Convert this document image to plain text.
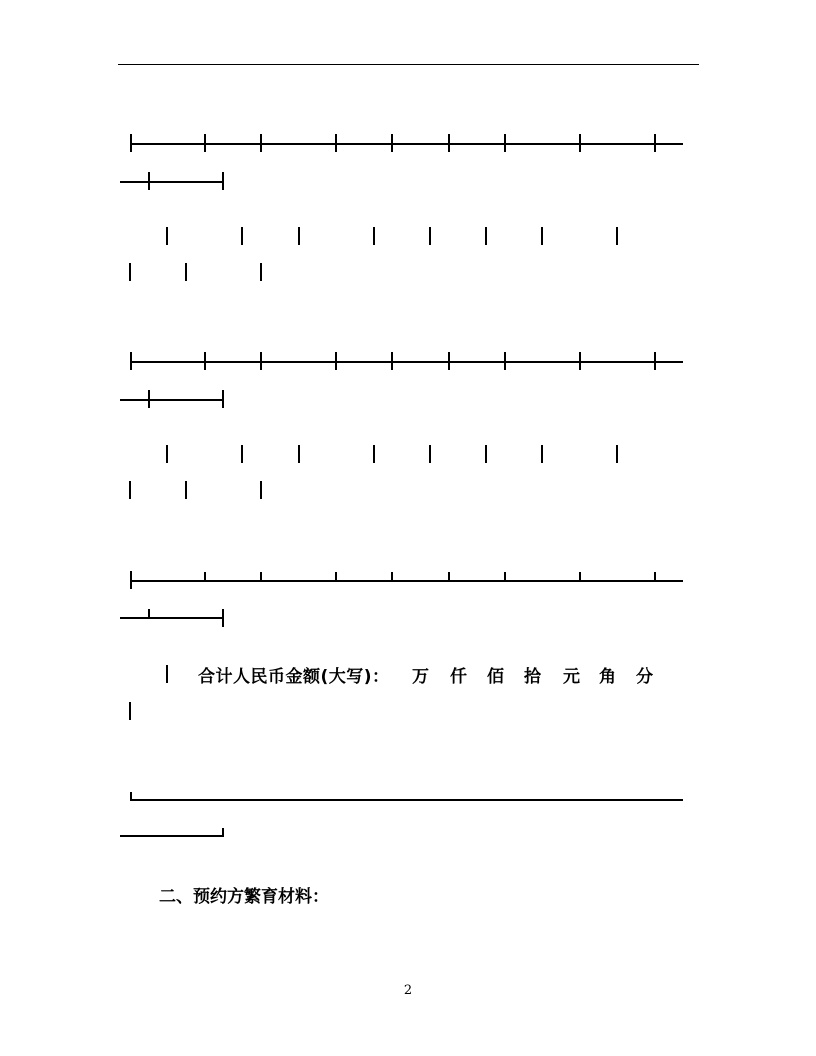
合计人民币金额(大写)： 万 仟 佰 拾 元 角 分
二、预约方繁育材料：
2
